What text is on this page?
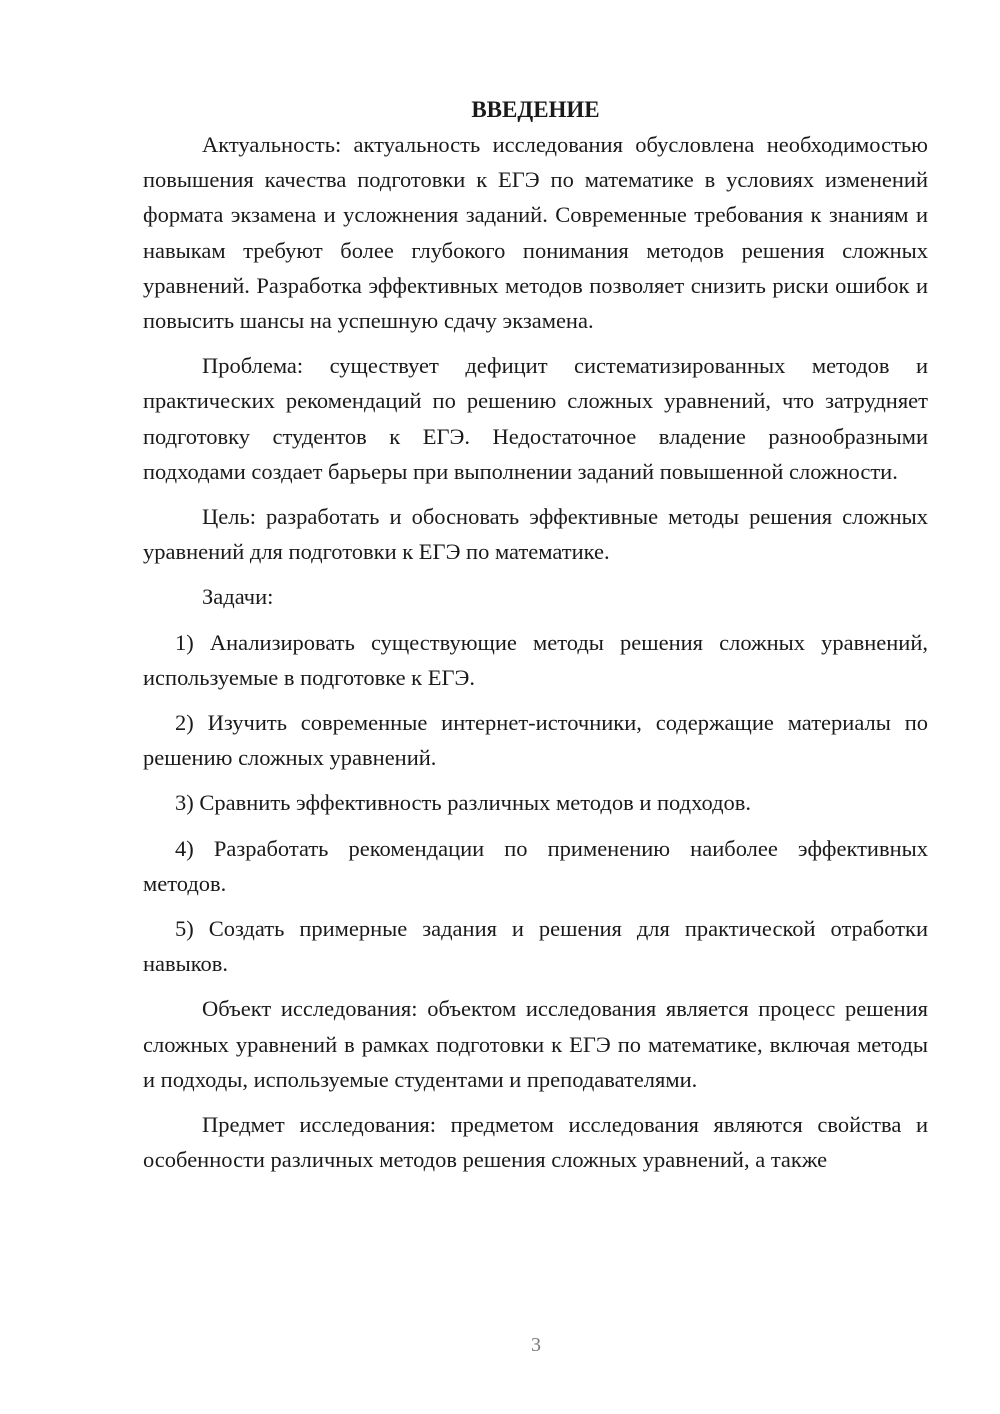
ВВЕДЕНИЕ

Актуальность: актуальность исследования обусловлена необходимостью повышения качества подготовки к ЕГЭ по математике в условиях изменений формата экзамена и усложнения заданий. Современные требования к знаниям и навыкам требуют более глубокого понимания методов решения сложных уравнений. Разработка эффективных методов позволяет снизить риски ошибок и повысить шансы на успешную сдачу экзамена.

Проблема: существует дефицит систематизированных методов и практических рекомендаций по решению сложных уравнений, что затрудняет подготовку студентов к ЕГЭ. Недостаточное владение разнообразными подходами создает барьеры при выполнении заданий повышенной сложности.

Цель: разработать и обосновать эффективные методы решения сложных уравнений для подготовки к ЕГЭ по математике.

Задачи:

1) Анализировать существующие методы решения сложных уравнений, используемые в подготовке к ЕГЭ.

2) Изучить современные интернет-источники, содержащие материалы по решению сложных уравнений.

3) Сравнить эффективность различных методов и подходов.

4) Разработать рекомендации по применению наиболее эффективных методов.

5) Создать примерные задания и решения для практической отработки навыков.

Объект исследования: объектом исследования является процесс решения сложных уравнений в рамках подготовки к ЕГЭ по математике, включая методы и подходы, используемые студентами и преподавателями.

Предмет исследования: предметом исследования являются свойства и особенности различных методов решения сложных уравнений, а также

3
